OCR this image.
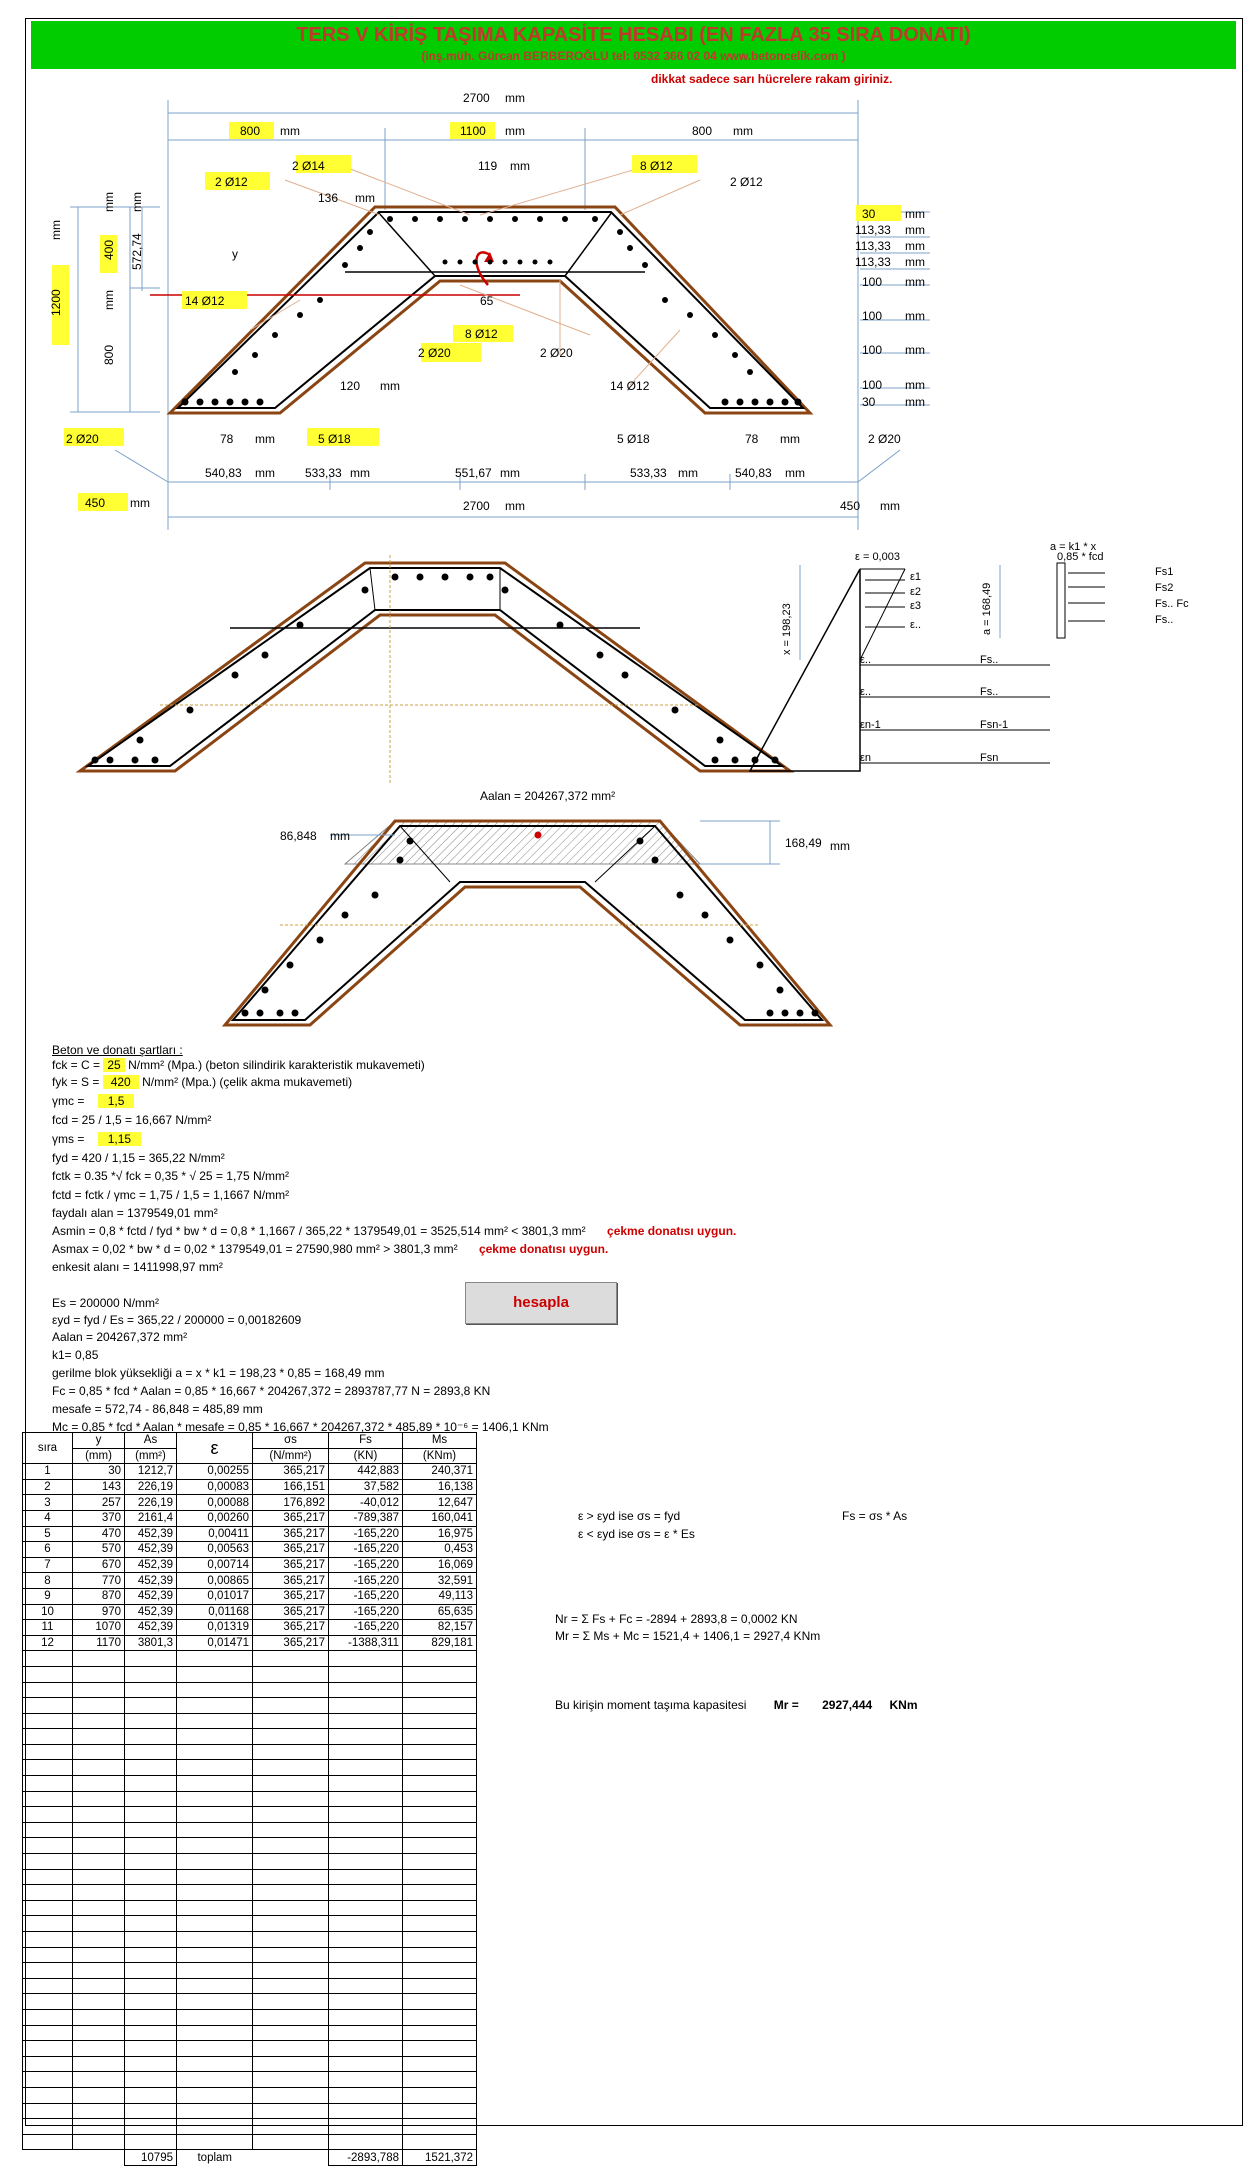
TERS V KİRİŞ TAŞIMA KAPASİTE HESABI (EN FAZLA 35 SIRA DONATI)
(inş.müh. Gürcan BERBEROĞLU tel: 0532 366 02 04 www.betoncelik.com )
dikkat sadece sarı hücrelere rakam giriniz.
2700 mm
800 mm	1100 mm	800 mm
2 Ø14	8 Ø12
119 mm
2 Ø12	2 Ø12
136 mm
y
14 Ø12	65
8 Ø12
2 Ø20	2 Ø20
14 Ø12
120 mm
2 Ø20	78 mm	5 Ø18	5 Ø18	78 mm	2 Ø20
540,83 mm	533,33 mm	551,67 mm	533,33 mm	540,83 mm
450 mm	2700 mm	450 mm
1200
mm
400
mm
572,74
mm
800
mm
30
113,33
113,33
113,33
100
100
100
100
30
mm
mm
mm
mm
mm
mm
mm
mm
mm
a = k1 * x
ε = 0,003	0,85 * fcd
ε1
ε2
ε3
ε..
ε..
ε..
εn-1
εn
Fs1
Fs2
Fs.. Fc
Fs..
Fs..
Fs..
Fsn-1
Fsn
x = 198,23	a = 168,49
Aalan = 204267,372 mm²
86,848 mm	168,49 mm
Beton ve donatı şartları :
fck = C = 25 N/mm² (Mpa.) (beton silindirik karakteristik mukavemeti)
fyk = S = 420 N/mm² (Mpa.) (çelik akma mukavemeti)
γmc = 1,5
fcd = 25 / 1,5 = 16,667 N/mm²
γms = 1,15
fyd = 420 / 1,15 = 365,22 N/mm²
fctk = 0.35 *√ fck = 0,35 * √ 25 = 1,75 N/mm²
fctd = fctk / γmc = 1,75 / 1,5 = 1,1667 N/mm²
faydalı alan = 1379549,01 mm²
Asmin = 0,8 * fctd / fyd * bw * d = 0,8 * 1,1667 / 365,22 * 1379549,01 = 3525,514 mm² < 3801,3 mm² çekme donatısı uygun.
Asmax = 0,02 * bw * d = 0,02 * 1379549,01 = 27590,980 mm² > 3801,3 mm² çekme donatısı uygun.
enkesit alanı = 1411998,97 mm²
Es = 200000 N/mm²
εyd = fyd / Es = 365,22 / 200000 = 0,00182609
Aalan = 204267,372 mm²
k1= 0,85
gerilme blok yüksekliği a = x * k1 = 198,23 * 0,85 = 168,49 mm
Fc = 0,85 * fcd * Aalan = 0,85 * 16,667 * 204267,372 = 2893787,77 N = 2893,8 KN
mesafe = 572,74 - 86,848 = 485,89 mm
Mc = 0,85 * fcd * Aalan * mesafe = 0,85 * 16,667 * 204267,372 * 485,89 * 10⁻⁶ = 1406,1 KNm
hesapla
sıra	y	As	ε	σs	Fs	Ms
	(mm)	(mm²)		(N/mm²)	(KN)	(KNm)
1	30	1212,7	0,00255	365,217	442,883	240,371
2	143	226,19	0,00083	166,151	37,582	16,138
3	257	226,19	0,00088	176,892	-40,012	12,647
4	370	2161,4	0,00260	365,217	-789,387	160,041
5	470	452,39	0,00411	365,217	-165,220	16,975
6	570	452,39	0,00563	365,217	-165,220	0,453
7	670	452,39	0,00714	365,217	-165,220	16,069
8	770	452,39	0,00865	365,217	-165,220	32,591
9	870	452,39	0,01017	365,217	-165,220	49,113
10	970	452,39	0,01168	365,217	-165,220	65,635
11	1070	452,39	0,01319	365,217	-165,220	82,157
12	1170	3801,3	0,01471	365,217	-1388,311	829,181

		10795	toplam		-2893,788	1521,372
ε > εyd ise σs = fyd	Fs = σs * As
ε < εyd ise σs = ε * Es
Nr = Σ Fs + Fc = -2894 + 2893,8 = 0,0002 KN
Mr = Σ Ms + Mc = 1521,4 + 1406,1 = 2927,4 KNm
Bu kirişin moment taşıma kapasitesi Mr = 2927,444 KNm
